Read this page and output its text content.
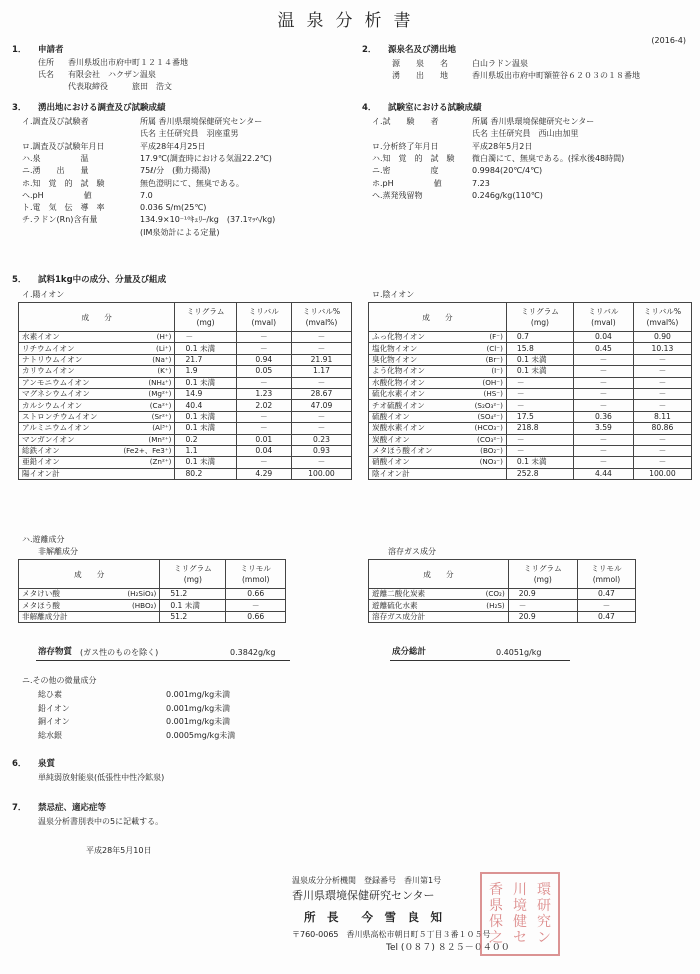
温泉分析書
(2016-4)
1． 申請者
住所 香川県坂出市府中町１２１４番地
氏名 有限会社　ハクザン温泉
代表取締役　　　旅田　浩文
2． 源泉名及び湧出地
源　　泉　　名	白山ラドン温泉
湧　　出　　地	香川県坂出市府中町額笹谷６２０３の１８番地
3． 湧出地における調査及び試験成績
イ.調査及び試験者	所属 香川県環境保健研究センター
氏名 主任研究員　羽座重男
ロ.調査及び試験年月日	平成28年4月25日
ハ.泉　　　　　温	17.9℃(調査時における気温22.2℃)
ニ.湧　　出　　量	75ℓ/分　(動力揚湯)
ホ.知　覚　的　試　験	無色澄明にて、無臭である。
ヘ.pH　　　　　値	7.0
ト.電　気　伝　導　率	0.036 S/m(25℃)
チ.ラドン(Rn)含有量	134.9×10⁻¹⁰ｷｭﾘｰ/kg　(37.1ﾏｯﾍ/kg)
(IM泉効計による定量)
4． 試験室における試験成績
イ.試　　験　　者	所属 香川県環境保健研究センター
氏名 主任研究員　西山由加里
ロ.分析終了年月日	平成28年5月2日
ハ.知　覚　的　試　験 微白濁にて、無臭である。(採水後48時間)
ニ.密　　　　　度	0.9984(20℃/4℃)
ホ.pH　　　　　値	7.23
ヘ.蒸発残留物	0.246g/kg(110℃)
5． 試料1kg中の成分、分量及び組成
イ.陽イオン	ロ.陰イオン
成　　分		ミリグラム
(mg)	ミリバル
(mval)	ミリバル%
(mval%)
水素イオン	(H⁺)	－	－	－
リチウムイオン	(Li⁺)	0.1 未満	－	－
ナトリウムイオン	(Na⁺)	21.7	0.94	21.91
カリウムイオン	(K⁺)	1.9	0.05	1.17
アンモニウムイオン	(NH₄⁺)	0.1 未満	－	－
マグネシウムイオン	(Mg²⁺)	14.9	1.23	28.67
カルシウムイオン	(Ca²⁺)	40.4	2.02	47.09
ストロンチウムイオン	(Sr²⁺)	0.1 未満	－	－
アルミニウムイオン	(Al³⁺)	0.1 未満	－	－
マンガンイオン	(Mn²⁺)	0.2	0.01	0.23
総鉄イオン	(Fe2+、Fe3⁺)	1.1	0.04	0.93
亜鉛イオン	(Zn²⁺)	0.1 未満	－	－
陽イオン計		80.2	4.29	100.00
成　　分		ミリグラム
(mg)	ミリバル
(mval)	ミリバル%
(mval%)
ふっ化物イオン	(F⁻)	0.7	0.04	0.90
塩化物イオン	(Cl⁻)	15.8	0.45	10.13
臭化物イオン	(Br⁻)	0.1 未満	－	－
よう化物イオン	(I⁻)	0.1 未満	－	－
水酸化物イオン	(OH⁻)	－	－	－
硫化水素イオン	(HS⁻)	－	－	－
チオ硫酸イオン	(S₂O₃²⁻)	－	－	－
硫酸イオン	(SO₄²⁻)	17.5	0.36	8.11
炭酸水素イオン	(HCO₃⁻)	218.8	3.59	80.86
炭酸イオン	(CO₃²⁻)	－	－	－
メタほう酸イオン	(BO₂⁻)	－	－	－
硝酸イオン	(NO₃⁻)	0.1 未満	－	－
陰イオン計		252.8	4.44	100.00
ハ.遊離成分
非解離成分	溶存ガス成分
成　　分		ミリグラム
(mg)	ミリモル
(mmol)
メタけい酸	(H₂SiO₃)	51.2	0.66
メタほう酸	(HBO₂)	0.1 未満	－
非解離成分計		51.2	0.66
成　　分		ミリグラム
(mg)	ミリモル
(mmol)
遊離二酸化炭素	(CO₂)	20.9	0.47
遊離硫化水素	(H₂S)	－	－
溶存ガス成分計		20.9	0.47
溶存物質 (ガス性のものを除く)	0.3842g/kg	成分総計	0.4051g/kg
ニ.その他の微量成分
総ひ素	0.001mg/kg未満
鉛イオン	0.001mg/kg未満
銅イオン	0.001mg/kg未満
総水銀	0.0005mg/kg未満
6． 泉質
単純弱放射能泉(低張性中性冷鉱泉)
7． 禁忌症、適応症等
温泉分析書別表中の5に記載する。
平成28年5月10日
温泉成分分析機関　登録番号　香川第1号
香川県環境保健研究センター
所　長　　今　雪　良　知
〒760-0065　香川県高松市朝日町５丁目３番１０５号
Tel (０８７) ８２５－０４００
香 川 環
県 境 研
保 健 究
之 セ ン
